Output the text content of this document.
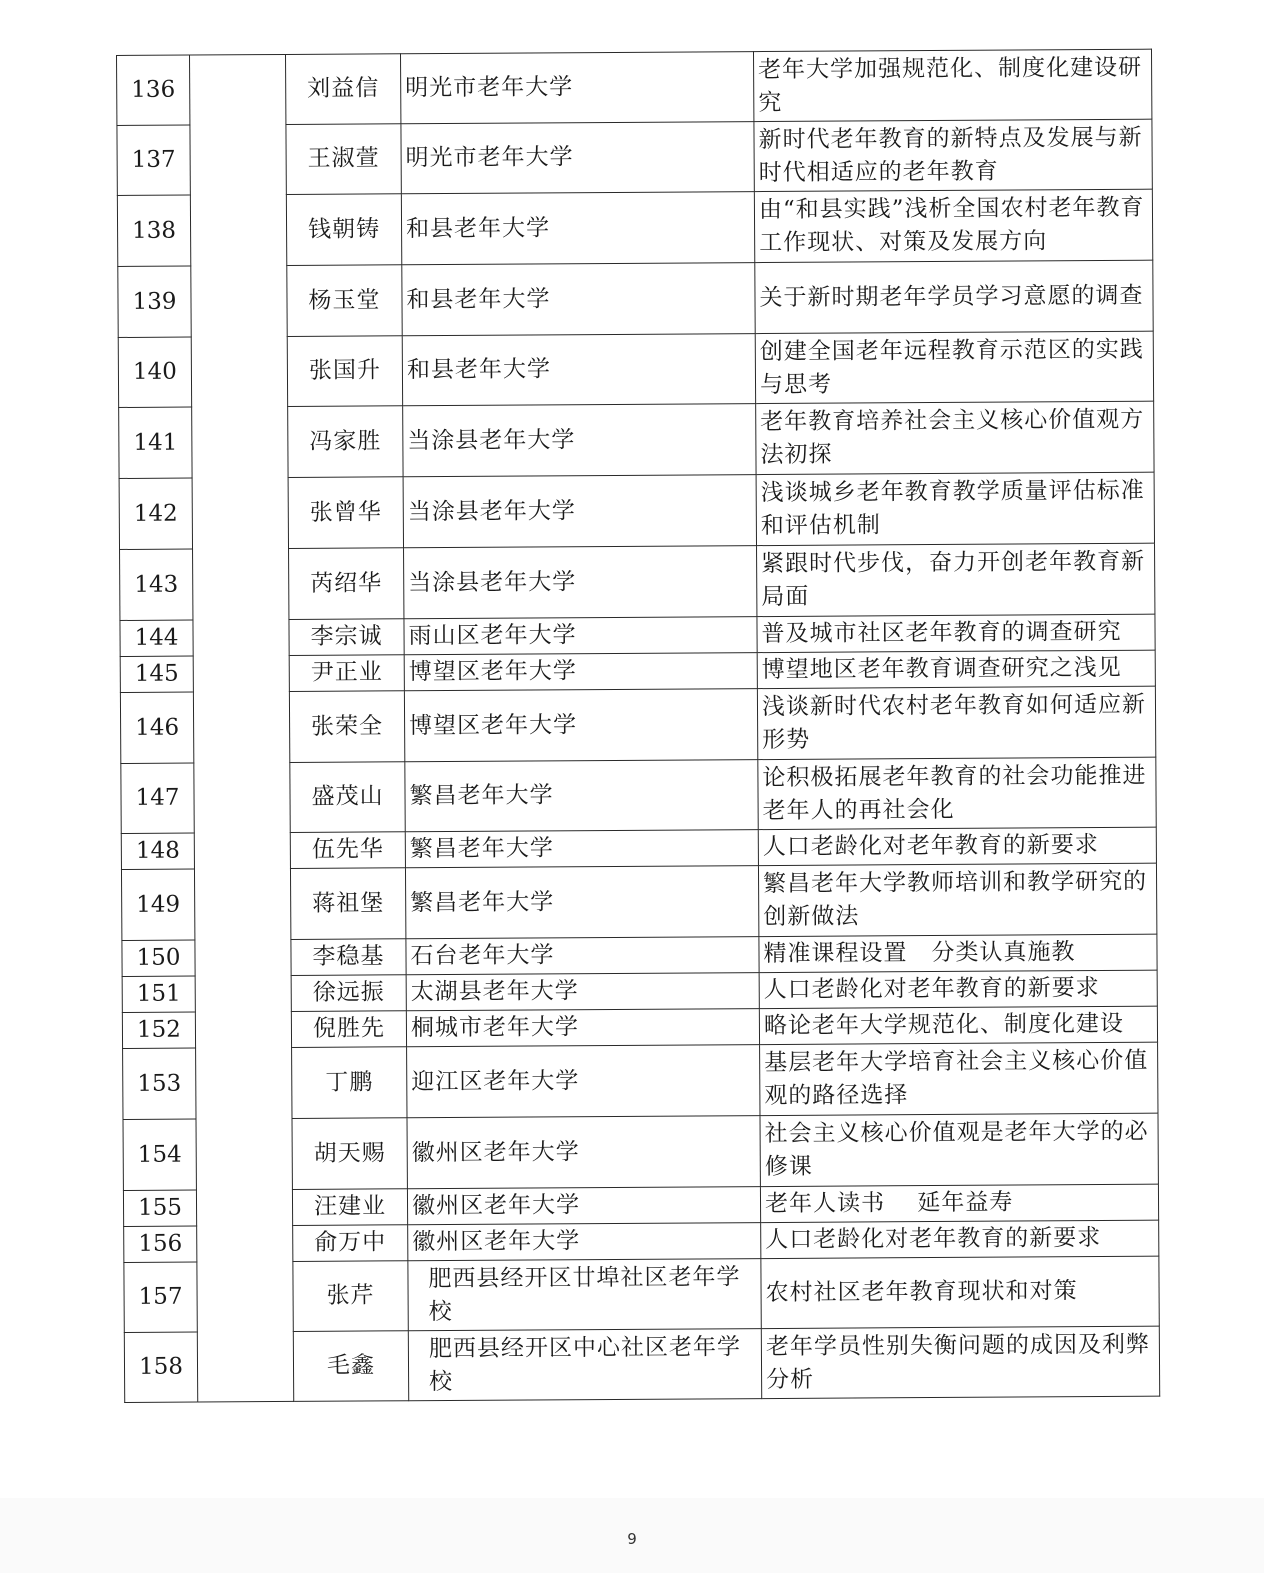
136		刘益信	明光市老年大学	老年大学加强规范化、制度化建设研究
137		王淑萱	明光市老年大学	新时代老年教育的新特点及发展与新时代相适应的老年教育
138		钱朝铸	和县老年大学	由“和县实践”浅析全国农村老年教育工作现状、对策及发展方向
139		杨玉堂	和县老年大学	关于新时期老年学员学习意愿的调查
140		张国升	和县老年大学	创建全国老年远程教育示范区的实践与思考
141		冯家胜	当涂县老年大学	老年教育培养社会主义核心价值观方法初探
142		张曾华	当涂县老年大学	浅谈城乡老年教育教学质量评估标准和评估机制
143		芮绍华	当涂县老年大学	紧跟时代步伐，奋力开创老年教育新局面
144		李宗诚	雨山区老年大学	普及城市社区老年教育的调查研究
145		尹正业	博望区老年大学	博望地区老年教育调查研究之浅见
146		张荣全	博望区老年大学	浅谈新时代农村老年教育如何适应新形势
147		盛茂山	繁昌老年大学	论积极拓展老年教育的社会功能推进老年人的再社会化
148		伍先华	繁昌老年大学	人口老龄化对老年教育的新要求
149		蒋祖堡	繁昌老年大学	繁昌老年大学教师培训和教学研究的创新做法
150		李稳基	石台老年大学	精准课程设置　分类认真施教
151		徐远振	太湖县老年大学	人口老龄化对老年教育的新要求
152		倪胜先	桐城市老年大学	略论老年大学规范化、制度化建设
153		丁鹏	迎江区老年大学	基层老年大学培育社会主义核心价值观的路径选择
154		胡天赐	徽州区老年大学	社会主义核心价值观是老年大学的必修课
155		汪建业	徽州区老年大学	老年人读书　 延年益寿
156		俞万中	徽州区老年大学	人口老龄化对老年教育的新要求
157		张芹	肥西县经开区廿埠社区老年学校	农村社区老年教育现状和对策
158		毛鑫	肥西县经开区中心社区老年学校	老年学员性别失衡问题的成因及利弊分析
9
